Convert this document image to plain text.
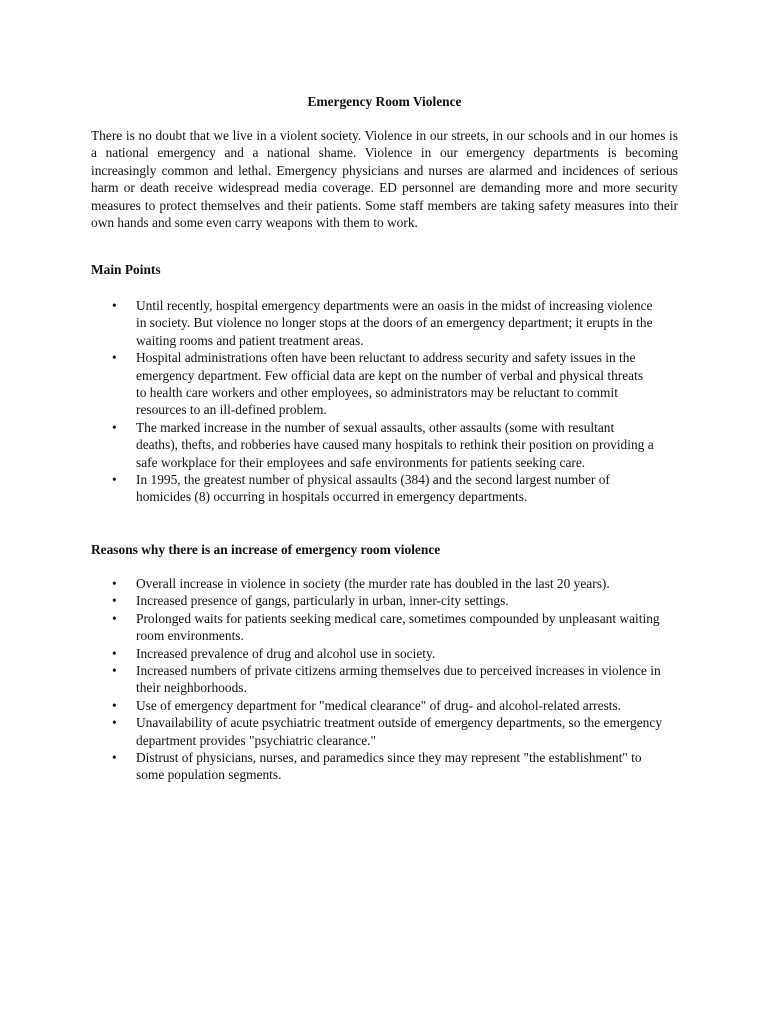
Emergency Room Violence

There is no doubt that we live in a violent society. Violence in our streets, in our schools and in our homes is a national emergency and a national shame. Violence in our emergency departments is becoming increasingly common and lethal. Emergency physicians and nurses are alarmed and incidences of serious harm or death receive widespread media coverage. ED personnel are demanding more and more security measures to protect themselves and their patients. Some staff members are taking safety measures into their own hands and some even carry weapons with them to work.

Main Points
• Until recently, hospital emergency departments were an oasis in the midst of increasing violence in society. But violence no longer stops at the doors of an emergency department; it erupts in the waiting rooms and patient treatment areas.
• Hospital administrations often have been reluctant to address security and safety issues in the emergency department. Few official data are kept on the number of verbal and physical threats to health care workers and other employees, so administrators may be reluctant to commit resources to an ill-defined problem.
• The marked increase in the number of sexual assaults, other assaults (some with resultant deaths), thefts, and robberies have caused many hospitals to rethink their position on providing a safe workplace for their employees and safe environments for patients seeking care.
• In 1995, the greatest number of physical assaults (384) and the second largest number of homicides (8) occurring in hospitals occurred in emergency departments.
Reasons why there is an increase of emergency room violence
• Overall increase in violence in society (the murder rate has doubled in the last 20 years).
• Increased presence of gangs, particularly in urban, inner-city settings.
• Prolonged waits for patients seeking medical care, sometimes compounded by unpleasant waiting room environments.
• Increased prevalence of drug and alcohol use in society.
• Increased numbers of private citizens arming themselves due to perceived increases in violence in their neighborhoods.
• Use of emergency department for "medical clearance" of drug- and alcohol-related arrests.
• Unavailability of acute psychiatric treatment outside of emergency departments, so the emergency department provides "psychiatric clearance."
• Distrust of physicians, nurses, and paramedics since they may represent "the establishment" to some population segments.
